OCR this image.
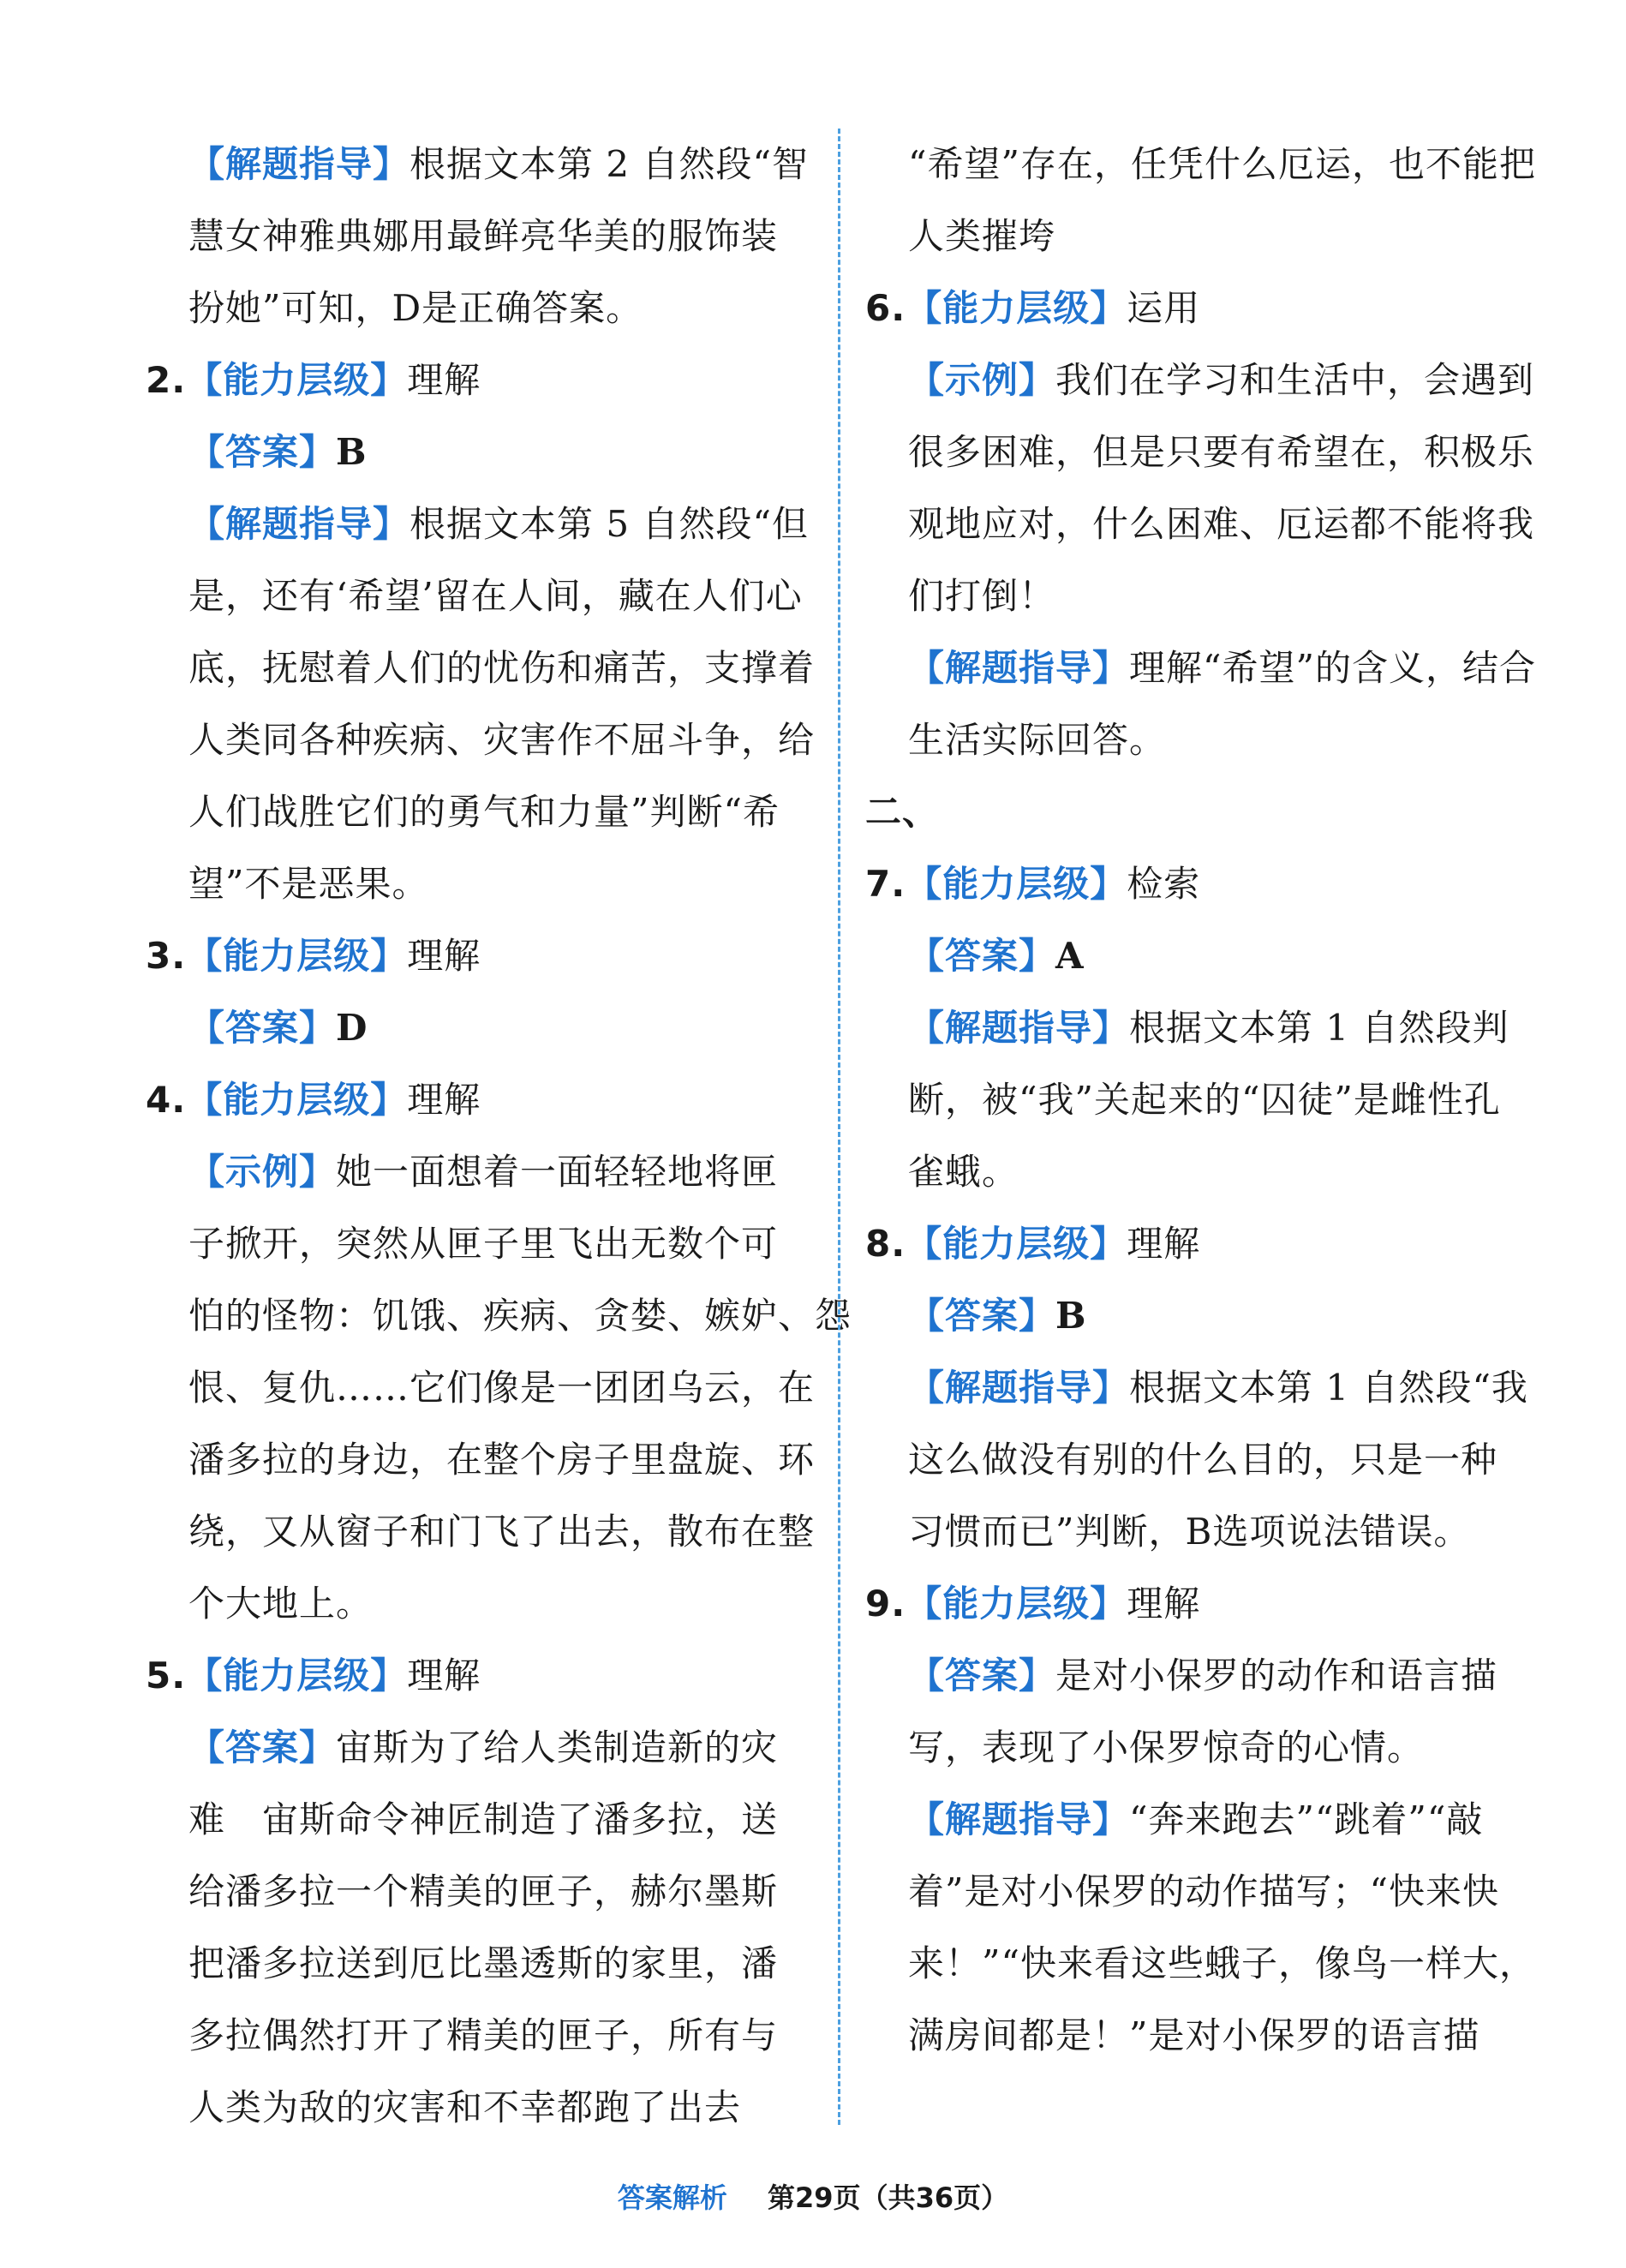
【解题指导】根据文本第 2 自然段“智
慧女神雅典娜用最鲜亮华美的服饰装
扮她”可知，D是正确答案。
2.【能力层级】理解
【答案】B
【解题指导】根据文本第 5 自然段“但
是，还有‘希望’留在人间，藏在人们心
底，抚慰着人们的忧伤和痛苦，支撑着
人类同各种疾病、灾害作不屈斗争，给
人们战胜它们的勇气和力量”判断“希
望”不是恶果。
3.【能力层级】理解
【答案】D
4.【能力层级】理解
【示例】她一面想着一面轻轻地将匣
子掀开，突然从匣子里飞出无数个可
怕的怪物：饥饿、疾病、贪婪、嫉妒、怨
恨、复仇……它们像是一团团乌云，在
潘多拉的身边，在整个房子里盘旋、环
绕，又从窗子和门飞了出去，散布在整
个大地上。
5.【能力层级】理解
【答案】宙斯为了给人类制造新的灾
难　宙斯命令神匠制造了潘多拉，送
给潘多拉一个精美的匣子，赫尔墨斯
把潘多拉送到厄比墨透斯的家里，潘
多拉偶然打开了精美的匣子，所有与
人类为敌的灾害和不幸都跑了出去
“希望”存在，任凭什么厄运，也不能把
人类摧垮
6.【能力层级】运用
【示例】我们在学习和生活中，会遇到
很多困难，但是只要有希望在，积极乐
观地应对，什么困难、厄运都不能将我
们打倒！
【解题指导】理解“希望”的含义，结合
生活实际回答。
二、
7.【能力层级】检索
【答案】A
【解题指导】根据文本第 1 自然段判
断，被“我”关起来的“囚徒”是雌性孔
雀蛾。
8.【能力层级】理解
【答案】B
【解题指导】根据文本第 1 自然段“我
这么做没有别的什么目的，只是一种
习惯而已”判断，B选项说法错误。
9.【能力层级】理解
【答案】是对小保罗的动作和语言描
写，表现了小保罗惊奇的心情。
【解题指导】“奔来跑去”“跳着”“敲
着”是对小保罗的动作描写；“快来快
来！”“快来看这些蛾子，像鸟一样大，
满房间都是！”是对小保罗的语言描
答案解析 第29页（共36页）
